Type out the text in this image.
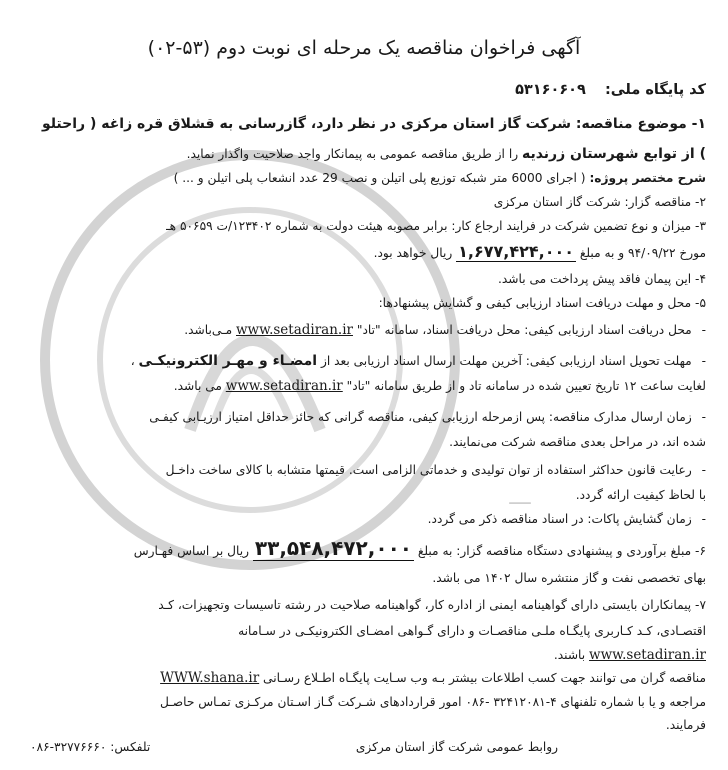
—
آگهی فراخوان مناقصه یک مرحله ای نوبت دوم (۵۳-۰۲)
کد پایگاه ملی: ۵۳۱۶۰۶۰۹
۱- موضوع مناقصه: شرکت گاز استان مرکزی در نظر دارد، گازرسانی به قشلاق قره زاغه ( راحتلو
) از توابع شهرستان زرندیه را از طریق مناقصه عمومی به پیمانکار واجد صلاحیت واگذار نماید.
شرح مختصر پروژه: ( اجرای 6000 متر شبکه توزیع پلی اتیلن و نصب 29 عدد انشعاب پلی اتیلن و ... )
۲- مناقصه گزار: شرکت گاز استان مرکزی
۳- میزان و نوع تضمین شرکت در فرایند ارجاع کار: برابر مصوبه هیئت دولت به شماره ۱۲۳۴۰۲/ت ۵۰۶۵۹ هـ
مورخ ۹۴/۰۹/۲۲ و به مبلغ ۱,۶۷۷,۴۲۴,۰۰۰ ریال خواهد بود.
۴- این پیمان فاقد پیش پرداخت می باشد.
۵- محل و مهلت دریافت اسناد ارزیابی کیفی و گشایش پیشنهادها:
- محل دریافت اسناد ارزیابی کیفی: محل دریافت اسناد، سامانه "تاد" www.setadiran.ir مـی‌باشد.
- مهلت تحویل اسناد ارزیابی کیفی: آخرین مهلت ارسال اسناد ارزیابی بعد از امضـاء و مهـر الکترونیکـی ،
لغایت ساعت ۱۲ تاریخ تعیین شده در سامانه تاد و از طریق سامانه "تاد" www.setadiran.ir می باشد.
- زمان ارسال مدارک مناقصه: پس ازمرحله ارزیابی کیفی، مناقصه گرانی که حائز حداقل امتیاز ارزیـابی کیفـی
شده اند، در مراحل بعدی مناقصه شرکت می‌نمایند.
- رعایت قانون حداکثر استفاده از توان تولیدی و خدماتی الزامی است. قیمتها متشابه با کالای ساخت داخـل
با لحاظ کیفیت ارائه گردد.
- زمان گشایش پاکات: در اسناد مناقصه ذکر می گردد.
۶- مبلغ برآوردی و پیشنهادی دستگاه مناقصه گزار: به مبلغ ۳۳,۵۴۸,۴۷۲,۰۰۰ ریال بر اساس فهـارس
بهای تخصصی نفت و گاز منتشره سال ۱۴۰۲ می باشد.
۷- پیمانکاران بایستی دارای گواهینامه ایمنی از اداره کار، گواهینامه صلاحیت در رشته تاسیسات وتجهیزات، کـد
اقتصـادی، کـد کـاربری پایگـاه ملـی مناقصـات و دارای گـواهی امضـای الکترونیکـی در سـامانه
www.setadiran.ir باشند.
مناقصه گران می توانند جهت کسب اطلاعات بیشتر بـه وب سـایت پایگـاه اطـلاع رسـانی WWW.shana.ir
مراجعه و یا با شماره تلفنهای ۴-۳۲۴۱۲۰۸۱ -۰۸۶ امور قراردادهای شـرکت گـاز اسـتان مرکـزی تمـاس حاصـل
فرمایند.
روابط عمومی شرکت گاز استان مرکزی
تلفکس: ۳۲۷۷۶۶۶۰-۰۸۶
